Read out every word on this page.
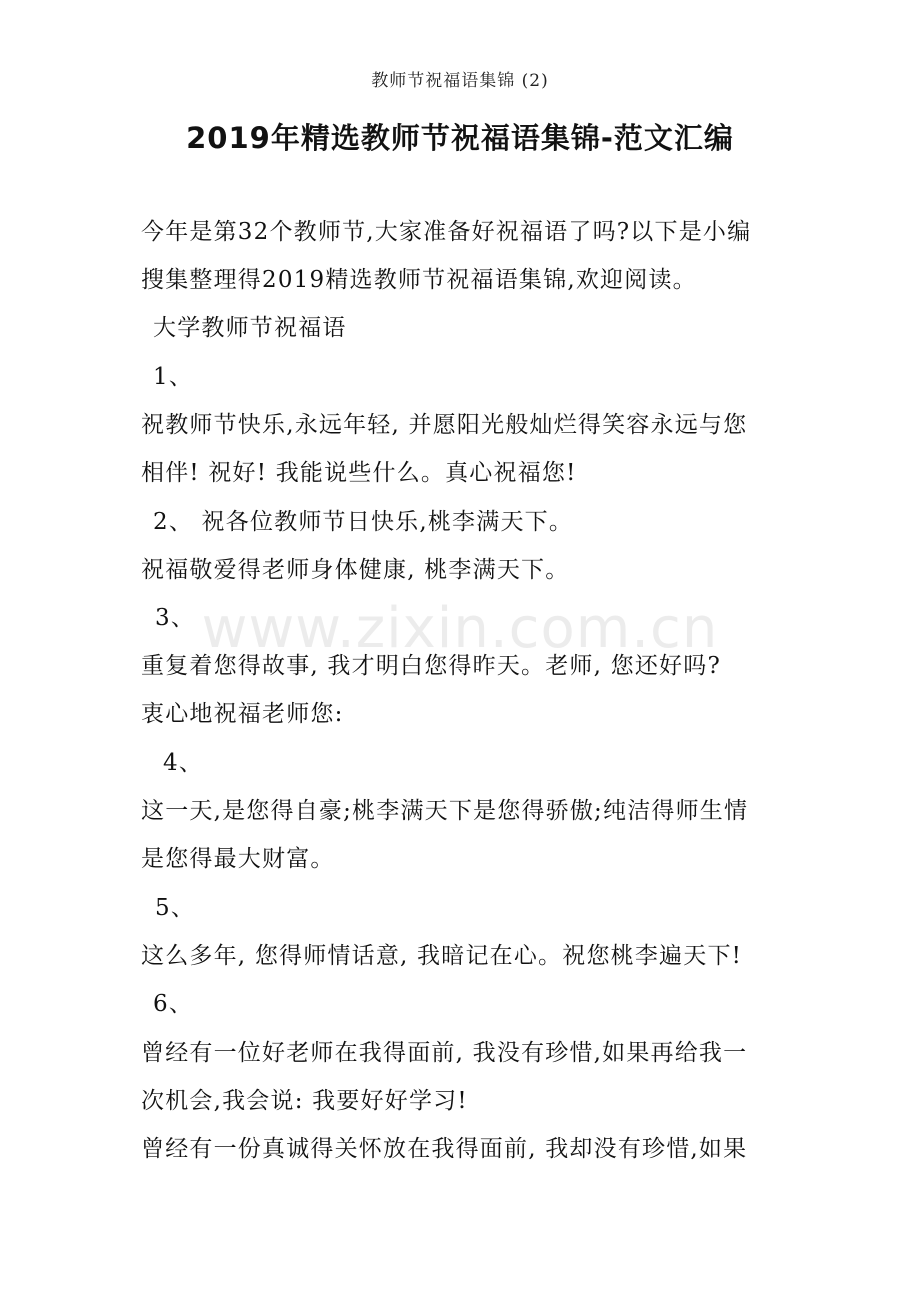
教师节祝福语集锦 (2)
2019年精选教师节祝福语集锦-范文汇编
今年是第32个教师节,大家准备好祝福语了吗?以下是小编
搜集整理得2019精选教师节祝福语集锦,欢迎阅读。
大学教师节祝福语
1、
祝教师节快乐,永远年轻, 并愿阳光般灿烂得笑容永远与您
相伴! 祝好! 我能说些什么。真心祝福您!
2、 祝各位教师节日快乐,桃李满天下。
祝福敬爱得老师身体健康, 桃李满天下。
3、
重复着您得故事, 我才明白您得昨天。老师, 您还好吗?
衷心地祝福老师您:
4、
这一天,是您得自豪;桃李满天下是您得骄傲;纯洁得师生情
是您得最大财富。
5、
这么多年, 您得师情话意, 我暗记在心。祝您桃李遍天下!
6、
曾经有一位好老师在我得面前, 我没有珍惜,如果再给我一
次机会,我会说: 我要好好学习!
曾经有一份真诚得关怀放在我得面前, 我却没有珍惜,如果
www.zixin.com.cn
